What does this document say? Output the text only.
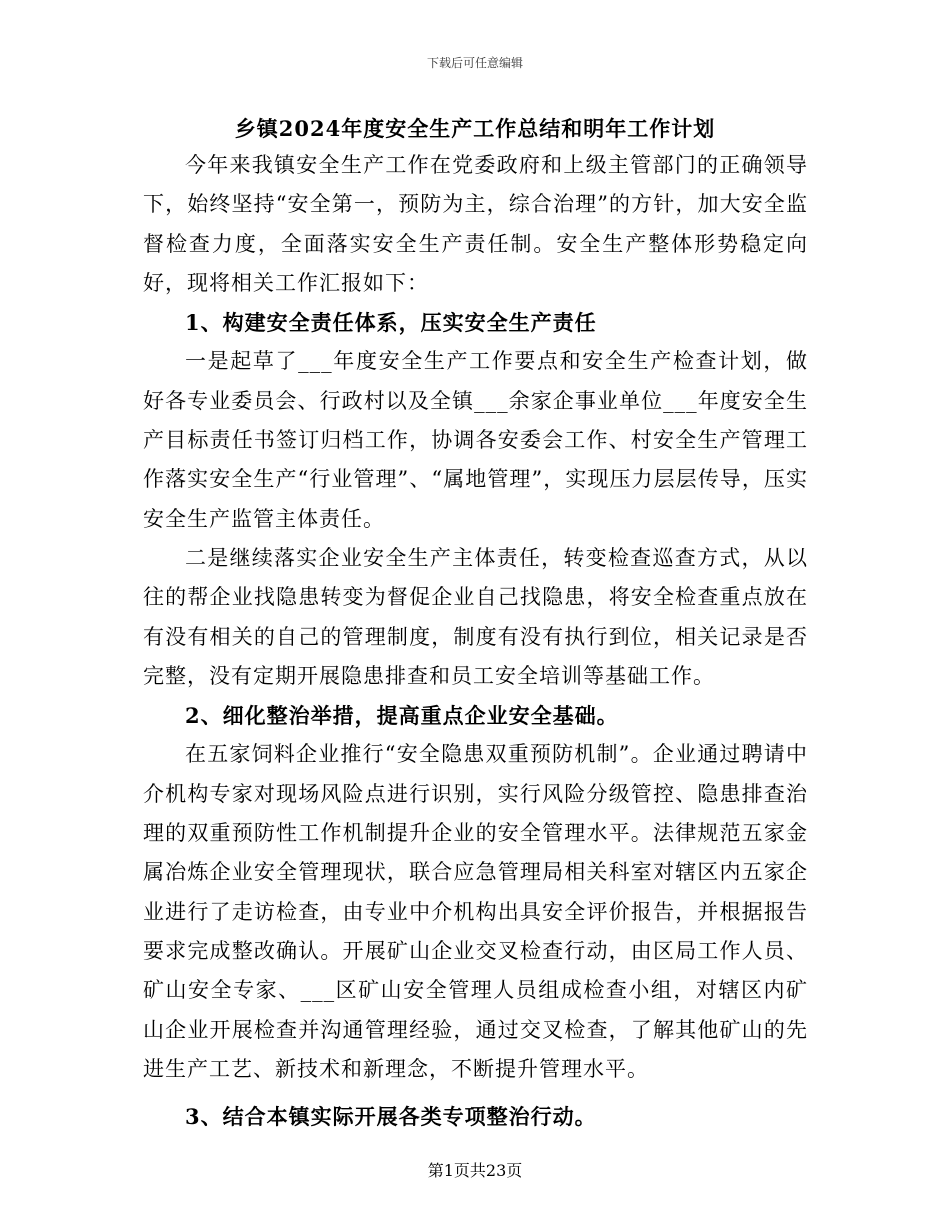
下载后可任意编辑
乡镇2024年度安全生产工作总结和明年工作计划

今年来我镇安全生产工作在党委政府和上级主管部门的正确领导下，始终坚持“安全第一，预防为主，综合治理”的方针，加大安全监督检查力度，全面落实安全生产责任制。安全生产整体形势稳定向好，现将相关工作汇报如下：

1、构建安全责任体系，压实安全生产责任

一是起草了___年度安全生产工作要点和安全生产检查计划，做好各专业委员会、行政村以及全镇___余家企事业单位___年度安全生产目标责任书签订归档工作，协调各安委会工作、村安全生产管理工作落实安全生产“行业管理”、“属地管理”，实现压力层层传导，压实安全生产监管主体责任。

二是继续落实企业安全生产主体责任，转变检查巡查方式，从以往的帮企业找隐患转变为督促企业自己找隐患，将安全检查重点放在有没有相关的自己的管理制度，制度有没有执行到位，相关记录是否完整，没有定期开展隐患排查和员工安全培训等基础工作。

2、细化整治举措，提高重点企业安全基础。

在五家饲料企业推行“安全隐患双重预防机制”。企业通过聘请中介机构专家对现场风险点进行识别，实行风险分级管控、隐患排查治理的双重预防性工作机制提升企业的安全管理水平。法律规范五家金属冶炼企业安全管理现状，联合应急管理局相关科室对辖区内五家企业进行了走访检查，由专业中介机构出具安全评价报告，并根据报告要求完成整改确认。开展矿山企业交叉检查行动，由区局工作人员、矿山安全专家、___区矿山安全管理人员组成检查小组，对辖区内矿山企业开展检查并沟通管理经验，通过交叉检查，了解其他矿山的先进生产工艺、新技术和新理念，不断提升管理水平。

3、结合本镇实际开展各类专项整治行动。

第1页共23页
